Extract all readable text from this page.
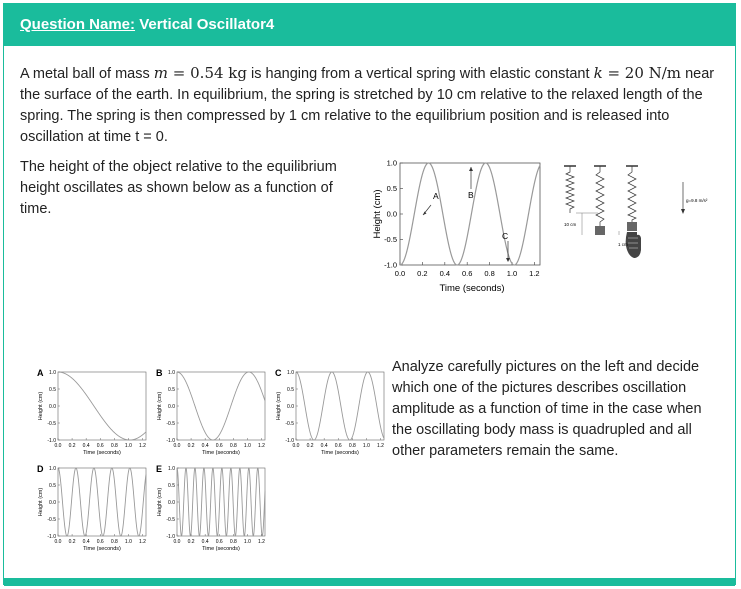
Question Name: Vertical Oscillator4
A metal ball of mass m = 0.54 kg is hanging from a vertical spring with elastic constant k = 20 N/m near the surface of the earth. In equilibrium, the spring is stretched by 10 cm relative to the relaxed length of the spring. The spring is then compressed by 1 cm relative to the equilibrium position and is released into oscillation at time t = 0.
The height of the object relative to the equilibrium height oscillates as shown below as a function of time.
Analyze carefully pictures on the left and decide which one of the pictures describes oscillation amplitude as a function of time in the case when the oscillating body mass is quadrupled and all other parameters remain the same.
1.0
0.5
0.0
-0.5
-1.0
0.0 0.2 0.4 0.6 0.8 1.0 1.2
Height (cm)
Time (seconds)
A	B
C
10 cm
1 cm
g=9.8 m/s²
1.0
0.5
0.0
-0.5
-1.0
0.0 0.2 0.4 0.6 0.8 1.0 1.2
Height (cm)
Time (seconds)
A	1.0
0.5
0.0
-0.5
-1.0
0.0 0.2 0.4 0.6 0.8 1.0 1.2
Height (cm)
Time (seconds)
B	1.0
0.5
0.0
-0.5
-1.0
0.0 0.2 0.4 0.6 0.8 1.0 1.2
Height (cm)
Time (seconds)
C
1.0
0.5
0.0
-0.5
-1.0
0.0 0.2 0.4 0.6 0.8 1.0 1.2
Height (cm)
Time (seconds)
D	1.0
0.5
0.0
-0.5
-1.0
0.0 0.2 0.4 0.6 0.8 1.0 1.2
Height (cm)
Time (seconds)
E
